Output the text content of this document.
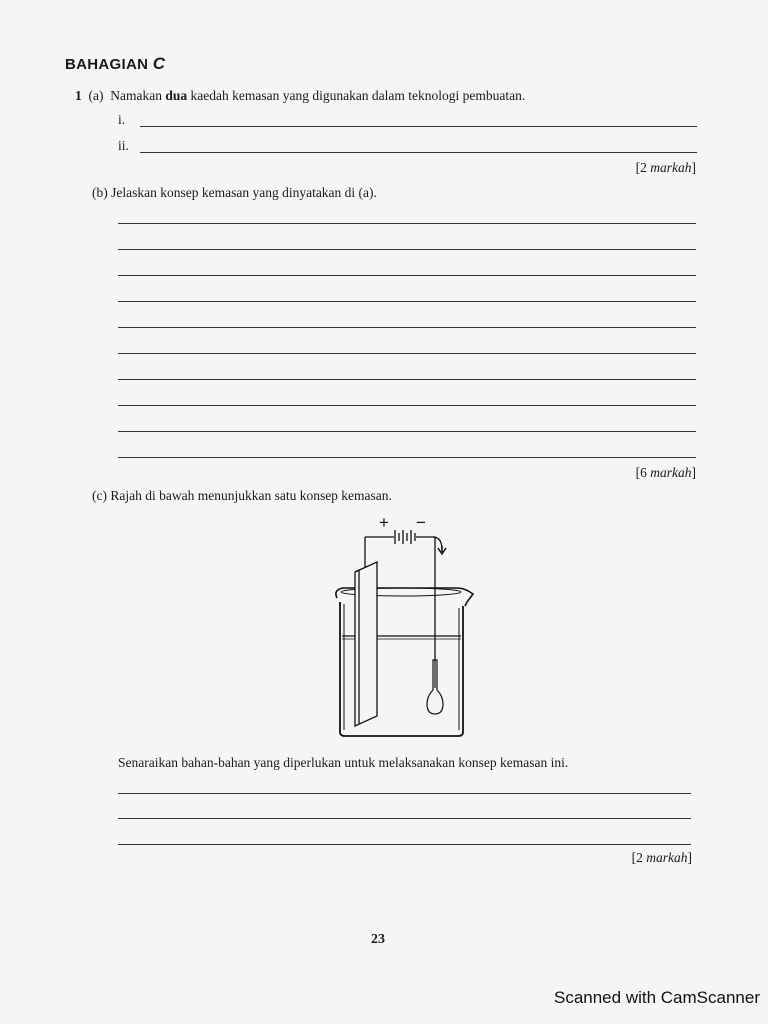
BAHAGIAN C
1 (a) Namakan dua kaedah kemasan yang digunakan dalam teknologi pembuatan.
i.
ii.
[2 markah]
(b) Jelaskan konsep kemasan yang dinyatakan di (a).
[6 markah]
(c) Rajah di bawah menunjukkan satu konsep kemasan.
+ −
Senaraikan bahan-bahan yang diperlukan untuk melaksanakan konsep kemasan ini.
[2 markah]
23
Scanned with CamScanner
